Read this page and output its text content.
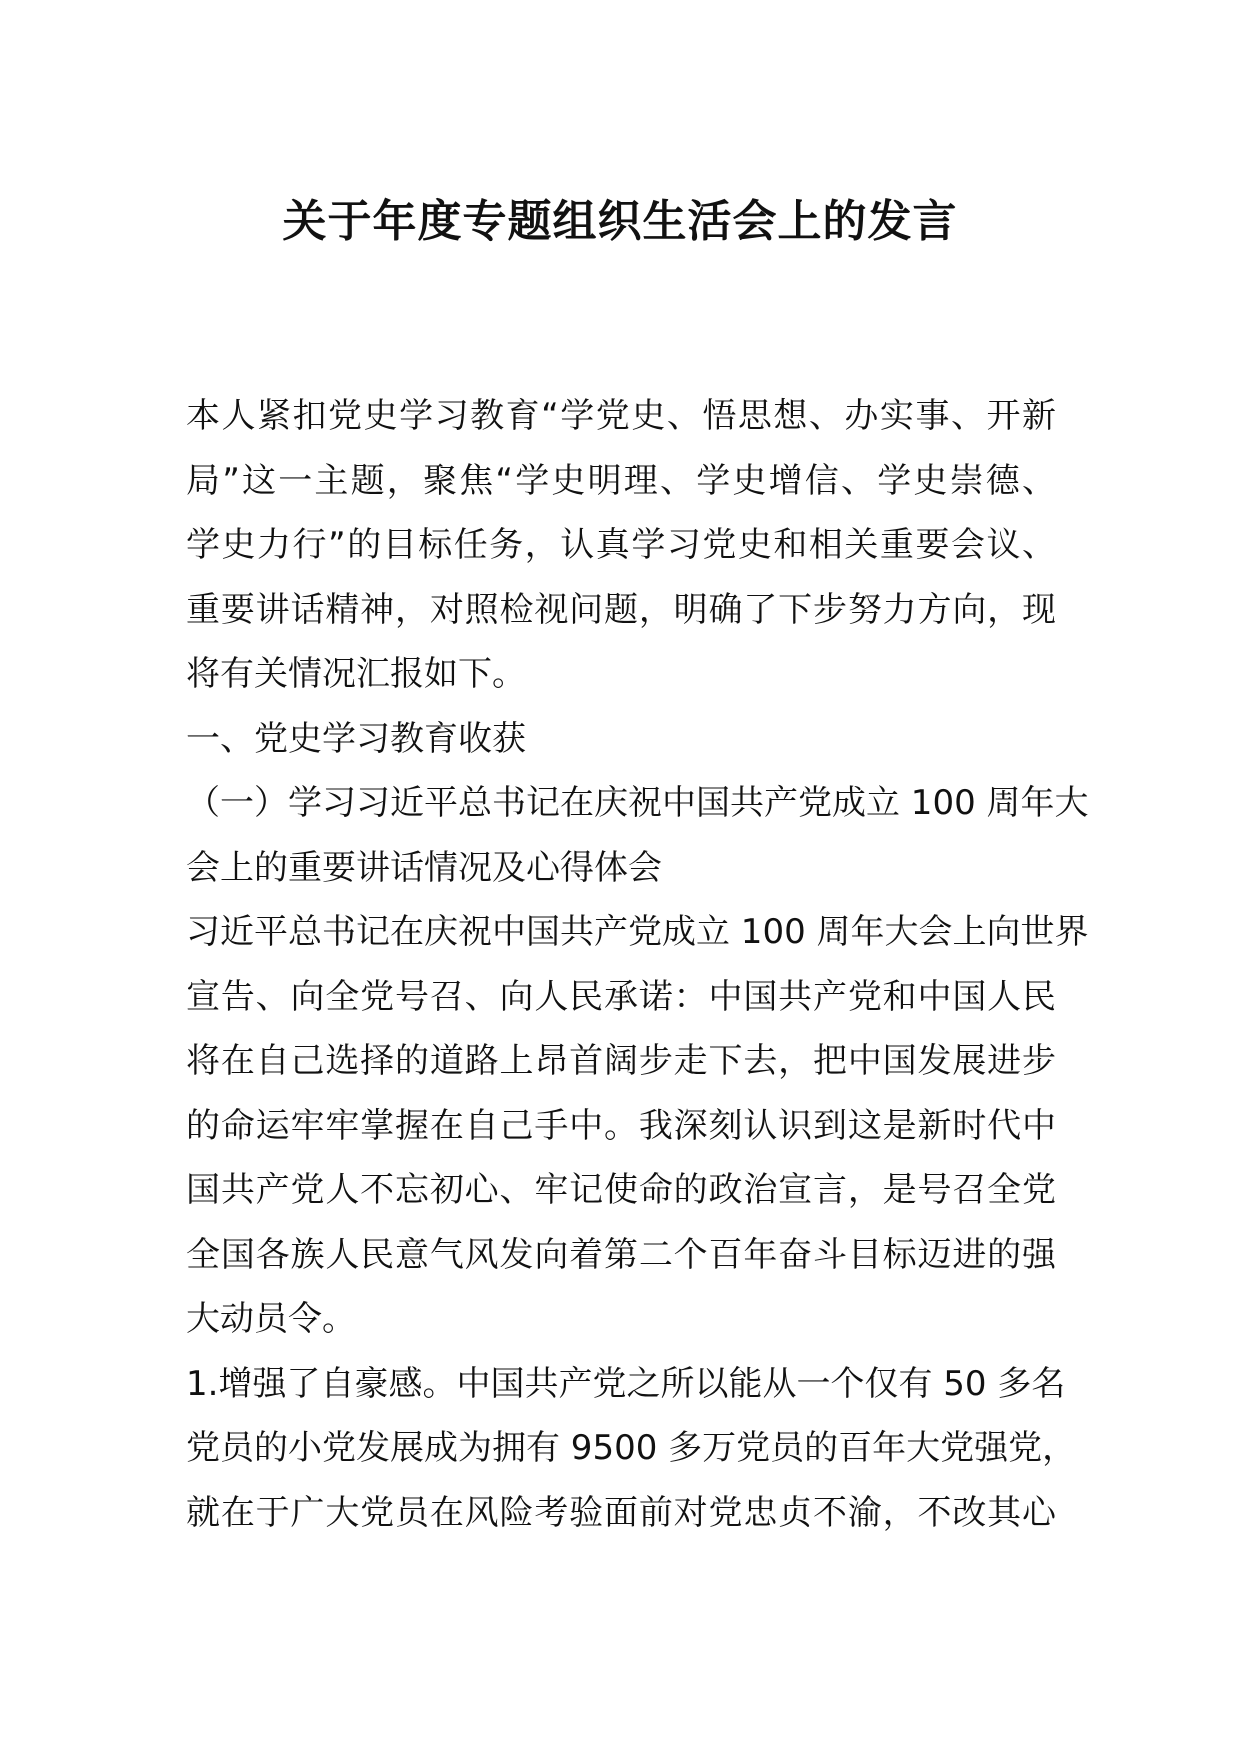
关于年度专题组织生活会上的发言
本人紧扣党史学习教育“学党史、悟思想、办实事、开新
局”这一主题，聚焦“学史明理、学史增信、学史崇德、
学史力行”的目标任务，认真学习党史和相关重要会议、
重要讲话精神，对照检视问题，明确了下步努力方向，现
将有关情况汇报如下。
一、党史学习教育收获
（一）学习习近平总书记在庆祝中国共产党成立 100 周年大
会上的重要讲话情况及心得体会
习近平总书记在庆祝中国共产党成立 100 周年大会上向世界
宣告、向全党号召、向人民承诺：中国共产党和中国人民
将在自己选择的道路上昂首阔步走下去，把中国发展进步
的命运牢牢掌握在自己手中。我深刻认识到这是新时代中
国共产党人不忘初心、牢记使命的政治宣言，是号召全党
全国各族人民意气风发向着第二个百年奋斗目标迈进的强
大动员令。
1.增强了自豪感。中国共产党之所以能从一个仅有 50 多名
党员的小党发展成为拥有 9500 多万党员的百年大党强党，
就在于广大党员在风险考验面前对党忠贞不渝，不改其心
